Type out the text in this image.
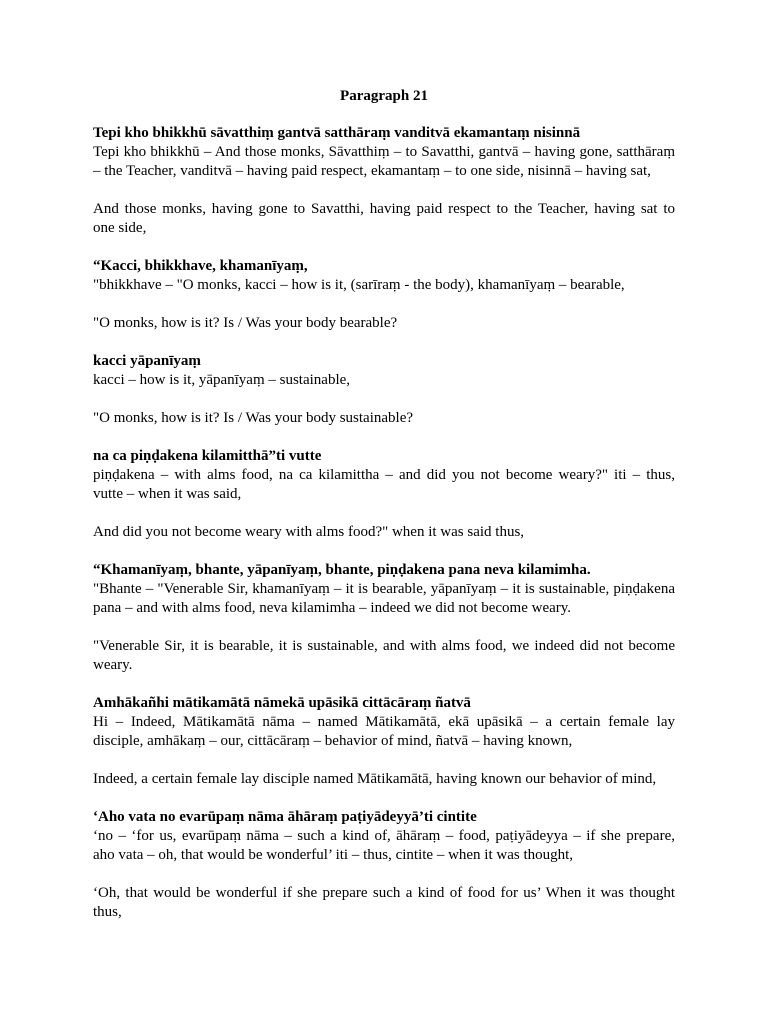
Paragraph 21
Tepi kho bhikkhū sāvatthiṃ gantvā satthāraṃ vanditvā ekamantaṃ nisinnā
Tepi kho bhikkhū – And those monks, Sāvatthiṃ – to Savatthi, gantvā – having gone, satthāraṃ
– the Teacher, vanditvā – having paid respect, ekamantaṃ – to one side, nisinnā – having sat,
And those monks, having gone to Savatthi, having paid respect to the Teacher, having sat to
one side,
“Kacci, bhikkhave, khamanīyaṃ,
"bhikkhave – "O monks, kacci – how is it, (sarīraṃ - the body), khamanīyaṃ – bearable,
"O monks, how is it? Is / Was your body bearable?
kacci yāpanīyaṃ
kacci – how is it, yāpanīyaṃ – sustainable,
"O monks, how is it? Is / Was your body sustainable?
na ca piṇḍakena kilamitthā”ti vutte
piṇḍakena – with alms food, na ca kilamittha – and did you not become weary?" iti – thus,
vutte – when it was said,
And did you not become weary with alms food?" when it was said thus,
“Khamanīyaṃ, bhante, yāpanīyaṃ, bhante, piṇḍakena pana neva kilamimha.
"Bhante – "Venerable Sir, khamanīyaṃ – it is bearable, yāpanīyaṃ – it is sustainable, piṇḍakena
pana – and with alms food, neva kilamimha – indeed we did not become weary.
"Venerable Sir, it is bearable, it is sustainable, and with alms food, we indeed did not become
weary.
Amhākañhi mātikamātā nāmekā upāsikā cittācāraṃ ñatvā
Hi – Indeed, Mātikamātā nāma – named Mātikamātā, ekā upāsikā – a certain female lay
disciple, amhākaṃ – our, cittācāraṃ – behavior of mind, ñatvā – having known,
Indeed, a certain female lay disciple named Mātikamātā, having known our behavior of mind,
‘Aho vata no evarūpaṃ nāma āhāraṃ paṭiyādeyyā’ti cintite
‘no – ‘for us, evarūpaṃ nāma – such a kind of, āhāraṃ – food, paṭiyādeyya – if she prepare,
aho vata – oh, that would be wonderful’ iti – thus, cintite – when it was thought,
‘Oh, that would be wonderful if she prepare such a kind of food for us’ When it was thought
thus,
